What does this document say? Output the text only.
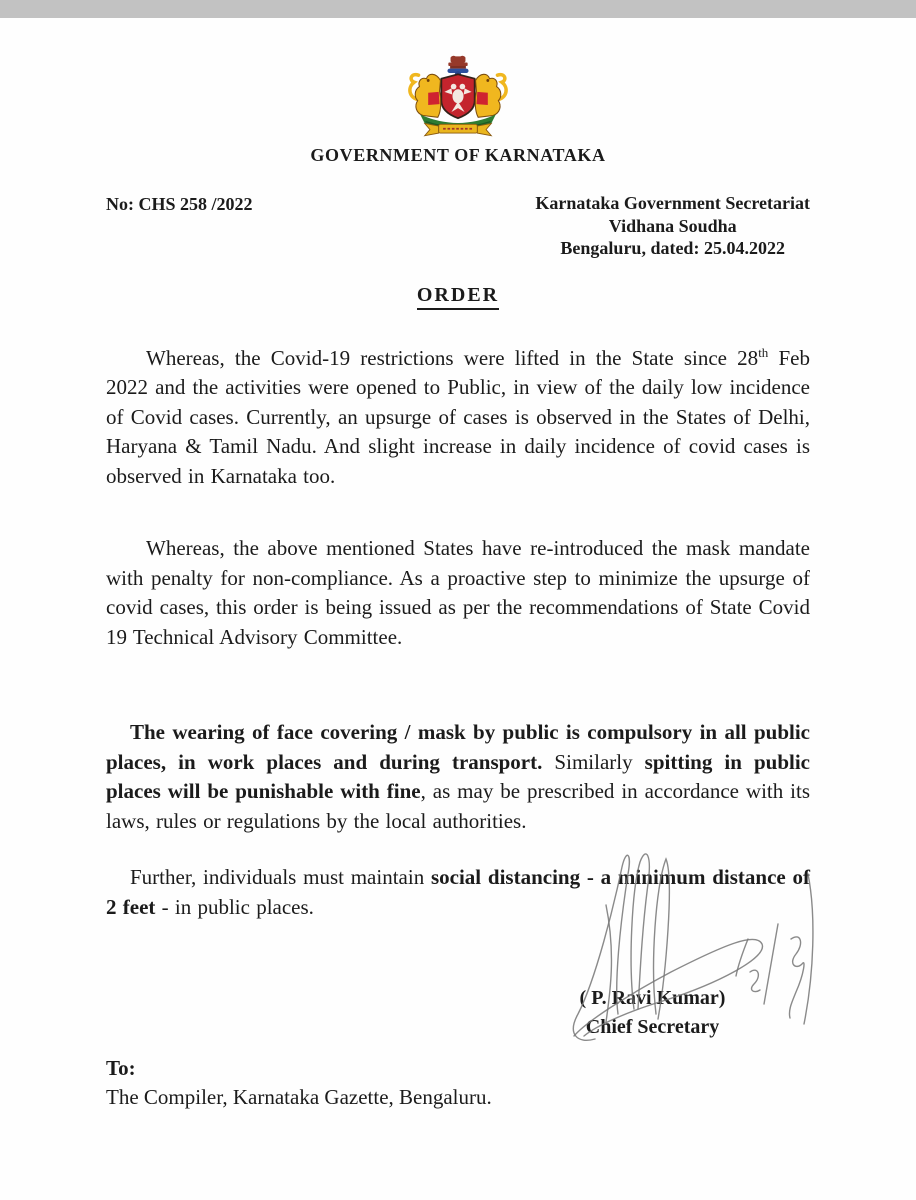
GOVERNMENT OF KARNATAKA
No: CHS 258 /2022	Karnataka Government Secretariat
Vidhana Soudha
Bengaluru, dated: 25.04.2022
ORDER

Whereas, the Covid-19 restrictions were lifted in the State since 28th Feb 2022 and the activities were opened to Public, in view of the daily low incidence of Covid cases. Currently, an upsurge of cases is observed in the States of Delhi, Haryana & Tamil Nadu. And slight increase in daily incidence of covid cases is observed in Karnataka too.

Whereas, the above mentioned States have re-introduced the mask mandate with penalty for non-compliance. As a proactive step to minimize the upsurge of covid cases, this order is being issued as per the recommendations of State Covid 19 Technical Advisory Committee.

The wearing of face covering / mask by public is compulsory in all public places, in work places and during transport. Similarly spitting in public places will be punishable with fine, as may be prescribed in accordance with its laws, rules or regulations by the local authorities.

Further, individuals must maintain social distancing - a minimum distance of 2 feet - in public places.

( P. Ravi Kumar)
Chief Secretary
To:
The Compiler, Karnataka Gazette, Bengaluru.
